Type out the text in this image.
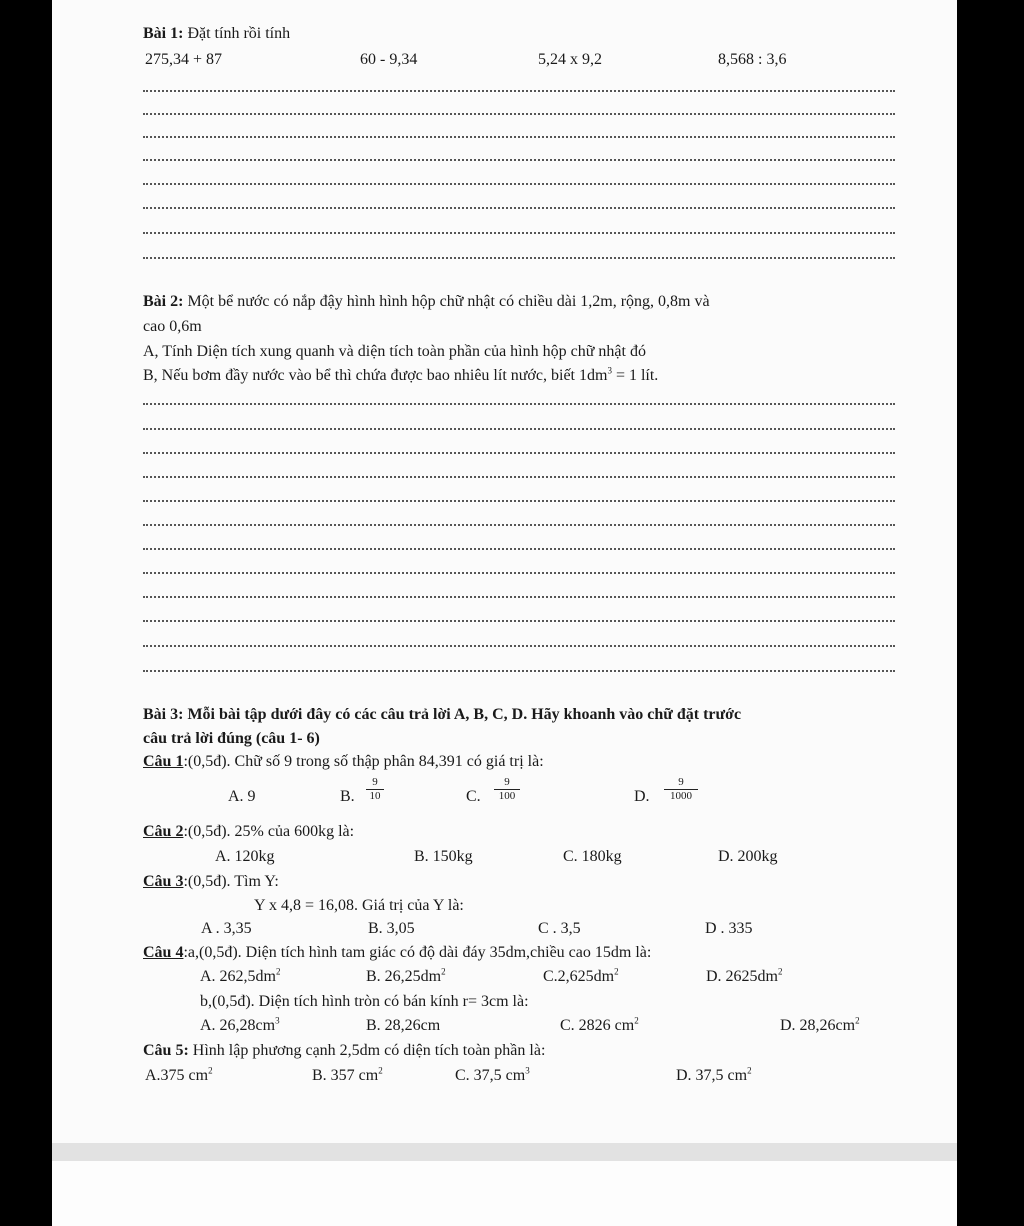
Bài 1: Đặt tính rồi tính
275,34 + 87	60 - 9,34	5,24 x 9,2	8,568 : 3,6
Bài 2: Một bể nước có nắp đậy hình hình hộp chữ nhật có chiều dài 1,2m, rộng, 0,8m và
cao 0,6m
A, Tính Diện tích xung quanh và diện tích toàn phần của hình hộp chữ nhật đó
B, Nếu bơm đầy nước vào bể thì chứa được bao nhiêu lít nước, biết $1dm^3 = 1$ lít.
Bài 3: Mỗi bài tập dưới đây có các câu trả lời A, B, C, D. Hãy khoanh vào chữ đặt trước
câu trả lời đúng (câu 1- 6)
Câu 1:(0,5đ). Chữ số 9 trong số thập phân 84,391 có giá trị là:
A. 9	B. $\frac{9}{10}$	C. $\frac{9}{100}$	D. $\frac{9}{1000}$
Câu 2:(0,5đ). 25% của 600kg là:
A. 120kg	B. 150kg	C. 180kg	D. 200kg
Câu 3:(0,5đ). Tìm Y:
Y x 4,8 = 16,08. Giá trị của Y là:
A . 3,35	B. 3,05	C . 3,5	D . 335
Câu 4:a,(0,5đ). Diện tích hình tam giác có độ dài đáy 35dm,chiều cao 15dm là:
A. $262,5dm^2$	B. $26,25dm^2$	$C.2,625dm^2$	D. $2625dm^2$
b,(0,5đ). Diện tích hình tròn có bán kính r= 3cm là:
A. $26,28cm^3$	B. 28,26cm	C. 2826 $cm^2$	D. $28,26cm^2$
Câu 5: Hình lập phương cạnh 2,5dm có diện tích toàn phần là:
A.375 $cm^2$	B. 357 $cm^2$	C. 37,5 $cm^3$	D. 37,5 $cm^2$
